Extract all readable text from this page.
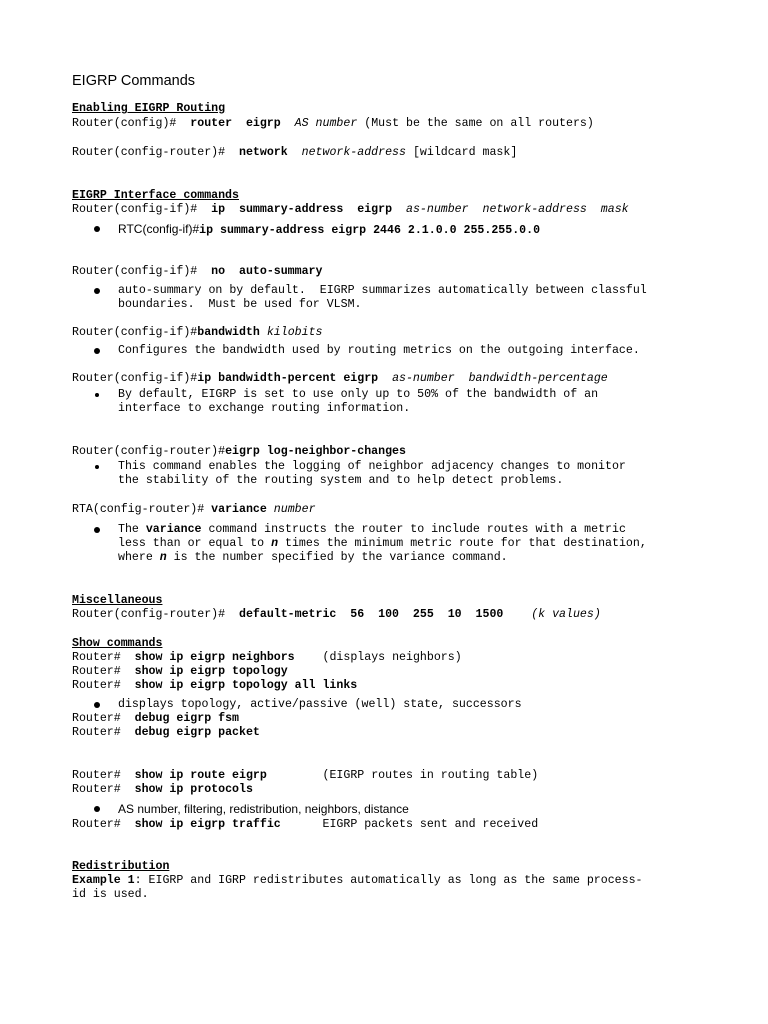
EIGRP Commands
Enabling EIGRP Routing
Router(config)#  router  eigrp AS number (Must be the same on all routers)
Router(config-router)#  network network-address [wildcard mask]
EIGRP Interface commands
Router(config-if)#  ip  summary-address  eigrp as-number  network-address  mask
RTC(config-if)#ip summary-address eigrp 2446 2.1.0.0 255.255.0.0
Router(config-if)#  no  auto-summary
auto-summary on by default.  EIGRP summarizes automatically between classful
boundaries.  Must be used for VLSM.
Router(config-if)#bandwidth kilobits
Configures the bandwidth used by routing metrics on the outgoing interface.
Router(config-if)#ip bandwidth-percent eigrp as-number  bandwidth-percentage
By default, EIGRP is set to use only up to 50% of the bandwidth of an
interface to exchange routing information.
Router(config-router)#eigrp log-neighbor-changes
This command enables the logging of neighbor adjacency changes to monitor
the stability of the routing system and to help detect problems.
RTA(config-router)# variance number
The variance command instructs the router to include routes with a metric
less than or equal to n times the minimum metric route for that destination,
where n is the number specified by the variance command.
Miscellaneous
Router(config-router)#  default-metric  56  100  255  10  1500 (k values)
Show commands
Router#  show ip eigrp neighbors (displays neighbors)
Router#  show ip eigrp topology
Router#  show ip eigrp topology all links
displays topology, active/passive (well) state, successors
Router#  debug eigrp fsm
Router#  debug eigrp packet
Router#  show ip route eigrp	(EIGRP routes in routing table)
Router#  show ip protocols
AS number, filtering, redistribution, neighbors, distance
Router#  show ip eigrp traffic	EIGRP packets sent and received
Redistribution
Example 1: EIGRP and IGRP redistributes automatically as long as the same process-
id is used.
